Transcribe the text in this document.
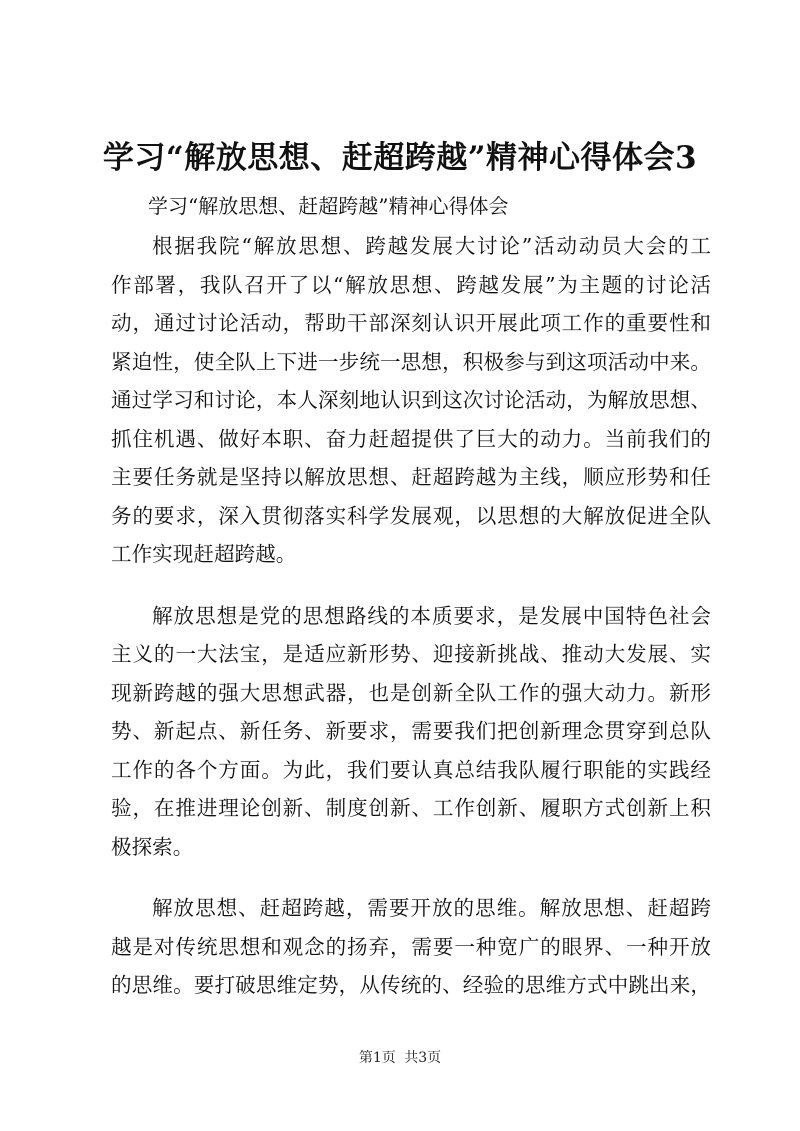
学习“解放思想、赶超跨越”精神心得体会3

学习“解放思想、赶超跨越”精神心得体会

根据我院“解放思想、跨越发展大讨论”活动动员大会的工
作部署，我队召开了以“解放思想、跨越发展”为主题的讨论活
动，通过讨论活动，帮助干部深刻认识开展此项工作的重要性和
紧迫性，使全队上下进一步统一思想，积极参与到这项活动中来。
通过学习和讨论，本人深刻地认识到这次讨论活动，为解放思想、
抓住机遇、做好本职、奋力赶超提供了巨大的动力。当前我们的
主要任务就是坚持以解放思想、赶超跨越为主线，顺应形势和任
务的要求，深入贯彻落实科学发展观，以思想的大解放促进全队
工作实现赶超跨越。

解放思想是党的思想路线的本质要求，是发展中国特色社会
主义的一大法宝，是适应新形势、迎接新挑战、推动大发展、实
现新跨越的强大思想武器，也是创新全队工作的强大动力。新形
势、新起点、新任务、新要求，需要我们把创新理念贯穿到总队
工作的各个方面。为此，我们要认真总结我队履行职能的实践经
验，在推进理论创新、制度创新、工作创新、履职方式创新上积
极探索。

解放思想、赶超跨越，需要开放的思维。解放思想、赶超跨
越是对传统思想和观念的扬弃，需要一种宽广的眼界、一种开放
的思维。要打破思维定势，从传统的、经验的思维方式中跳出来，

第1页 共3页
